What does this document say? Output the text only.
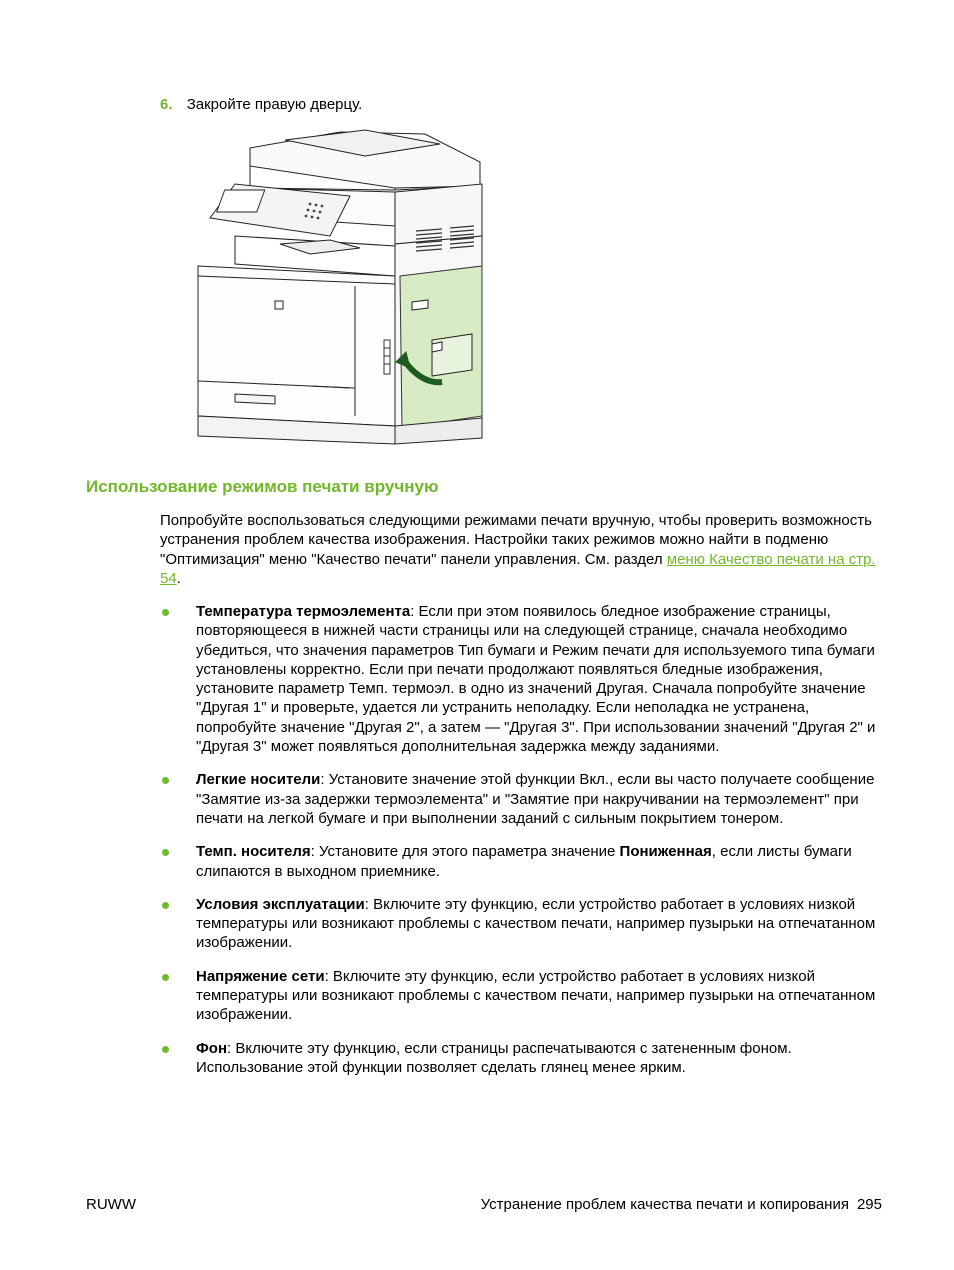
6. Закройте правую дверцу.
Использование режимов печати вручную

Попробуйте воспользоваться следующими режимами печати вручную, чтобы проверить возможность устранения проблем качества изображения. Настройки таких режимов можно найти в подменю "Оптимизация" меню "Качество печати" панели управления. См. раздел меню Качество печати на стр. 54.

Температура термоэлемента: Если при этом появилось бледное изображение страницы, повторяющееся в нижней части страницы или на следующей странице, сначала необходимо убедиться, что значения параметров Тип бумаги и Режим печати для используемого типа бумаги установлены корректно. Если при печати продолжают появляться бледные изображения, установите параметр Темп. термоэл. в одно из значений Другая. Сначала попробуйте значение "Другая 1" и проверьте, удается ли устранить неполадку. Если неполадка не устранена, попробуйте значение "Другая 2", а затем — "Другая 3". При использовании значений "Другая 2" и "Другая 3" может появляться дополнительная задержка между заданиями.
Легкие носители: Установите значение этой функции Вкл., если вы часто получаете сообщение "Замятие из-за задержки термоэлемента" и "Замятие при накручивании на термоэлемент" при печати на легкой бумаге и при выполнении заданий с сильным покрытием тонером.
Темп. носителя: Установите для этого параметра значение Пониженная, если листы бумаги слипаются в выходном приемнике.
Условия эксплуатации: Включите эту функцию, если устройство работает в условиях низкой температуры или возникают проблемы с качеством печати, например пузырьки на отпечатанном изображении.
Напряжение сети: Включите эту функцию, если устройство работает в условиях низкой температуры или возникают проблемы с качеством печати, например пузырьки на отпечатанном изображении.
Фон: Включите эту функцию, если страницы распечатываются с затененным фоном. Использование этой функции позволяет сделать глянец менее ярким.
RUWW	Устранение проблем качества печати и копирования 295
